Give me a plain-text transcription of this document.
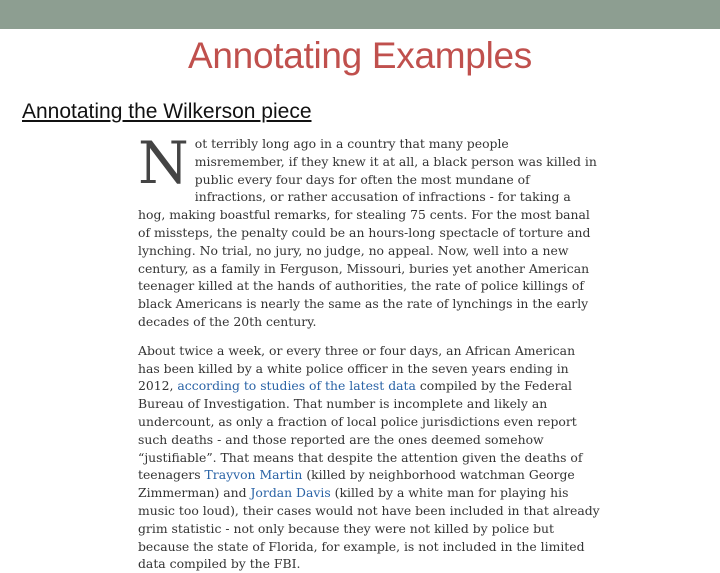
Annotating Examples
Annotating the Wilkerson piece

Not terribly long ago in a country that many people misremember, if they knew it at all, a black person was killed in public every four days for often the most mundane of infractions, or rather accusation of infractions - for taking a hog, making boastful remarks, for stealing 75 cents. For the most banal of missteps, the penalty could be an hours-long spectacle of torture and lynching. No trial, no jury, no judge, no appeal. Now, well into a new century, as a family in Ferguson, Missouri, buries yet another American teenager killed at the hands of authorities, the rate of police killings of black Americans is nearly the same as the rate of lynchings in the early decades of the 20th century.

About twice a week, or every three or four days, an African American has been killed by a white police officer in the seven years ending in 2012, according to studies of the latest data compiled by the Federal Bureau of Investigation. That number is incomplete and likely an undercount, as only a fraction of local police jurisdictions even report such deaths - and those reported are the ones deemed somehow “justifiable”. That means that despite the attention given the deaths of teenagers Trayvon Martin (killed by neighborhood watchman George Zimmerman) and Jordan Davis (killed by a white man for playing his music too loud), their cases would not have been included in that already grim statistic - not only because they were not killed by police but because the state of Florida, for example, is not included in the limited data compiled by the FBI.
